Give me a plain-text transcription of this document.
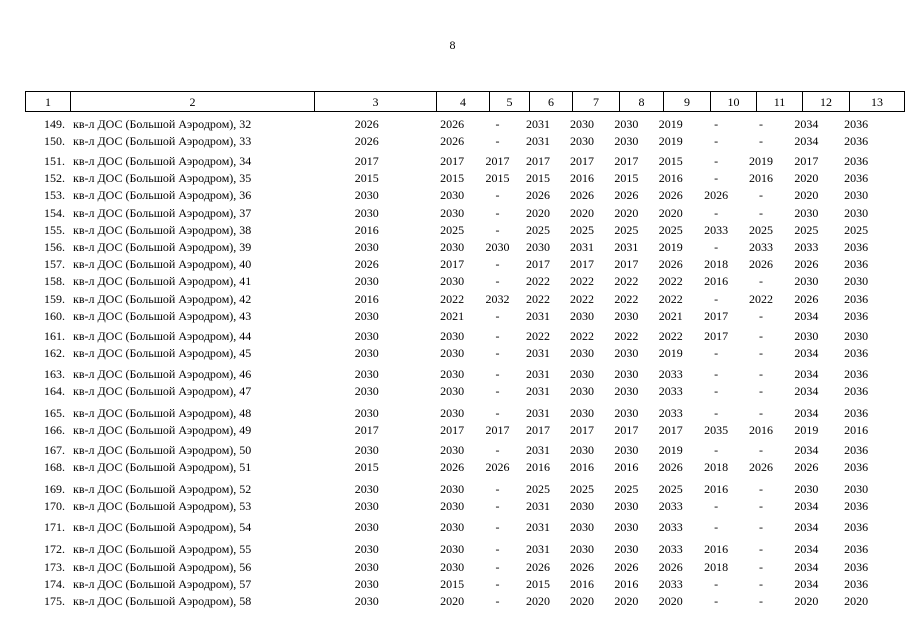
8
1	2	3	4	5	6	7	8	9	10	11	12	13
149. кв-л ДОС (Большой Аэродром), 32	2026	2026	-	2031	2030	2030	2019	-	-	2034	2036
150. кв-л ДОС (Большой Аэродром), 33	2026	2026	-	2031	2030	2030	2019	-	-	2034	2036
151. кв-л ДОС (Большой Аэродром), 34	2017	2017	2017	2017	2017	2017	2015	-	2019	2017	2036
152. кв-л ДОС (Большой Аэродром), 35	2015	2015	2015	2015	2016	2015	2016	-	2016	2020	2036
153. кв-л ДОС (Большой Аэродром), 36	2030	2030	-	2026	2026	2026	2026	2026	-	2020	2030
154. кв-л ДОС (Большой Аэродром), 37	2030	2030	-	2020	2020	2020	2020	-	-	2030	2030
155. кв-л ДОС (Большой Аэродром), 38	2016	2025	-	2025	2025	2025	2025	2033	2025	2025	2025
156. кв-л ДОС (Большой Аэродром), 39	2030	2030	2030	2030	2031	2031	2019	-	2033	2033	2036
157. кв-л ДОС (Большой Аэродром), 40	2026	2017	-	2017	2017	2017	2026	2018	2026	2026	2036
158. кв-л ДОС (Большой Аэродром), 41	2030	2030	-	2022	2022	2022	2022	2016	-	2030	2030
159. кв-л ДОС (Большой Аэродром), 42	2016	2022	2032	2022	2022	2022	2022	-	2022	2026	2036
160. кв-л ДОС (Большой Аэродром), 43	2030	2021	-	2031	2030	2030	2021	2017	-	2034	2036
161. кв-л ДОС (Большой Аэродром), 44	2030	2030	-	2022	2022	2022	2022	2017	-	2030	2030
162. кв-л ДОС (Большой Аэродром), 45	2030	2030	-	2031	2030	2030	2019	-	-	2034	2036
163. кв-л ДОС (Большой Аэродром), 46	2030	2030	-	2031	2030	2030	2033	-	-	2034	2036
164. кв-л ДОС (Большой Аэродром), 47	2030	2030	-	2031	2030	2030	2033	-	-	2034	2036
165. кв-л ДОС (Большой Аэродром), 48	2030	2030	-	2031	2030	2030	2033	-	-	2034	2036
166. кв-л ДОС (Большой Аэродром), 49	2017	2017	2017	2017	2017	2017	2017	2035	2016	2019	2016
167. кв-л ДОС (Большой Аэродром), 50	2030	2030	-	2031	2030	2030	2019	-	-	2034	2036
168. кв-л ДОС (Большой Аэродром), 51	2015	2026	2026	2016	2016	2016	2026	2018	2026	2026	2036
169. кв-л ДОС (Большой Аэродром), 52	2030	2030	-	2025	2025	2025	2025	2016	-	2030	2030
170. кв-л ДОС (Большой Аэродром), 53	2030	2030	-	2031	2030	2030	2033	-	-	2034	2036
171. кв-л ДОС (Большой Аэродром), 54	2030	2030	-	2031	2030	2030	2033	-	-	2034	2036
172. кв-л ДОС (Большой Аэродром), 55	2030	2030	-	2031	2030	2030	2033	2016	-	2034	2036
173. кв-л ДОС (Большой Аэродром), 56	2030	2030	-	2026	2026	2026	2026	2018	-	2034	2036
174. кв-л ДОС (Большой Аэродром), 57	2030	2015	-	2015	2016	2016	2033	-	-	2034	2036
175. кв-л ДОС (Большой Аэродром), 58	2030	2020	-	2020	2020	2020	2020	-	-	2020	2020
